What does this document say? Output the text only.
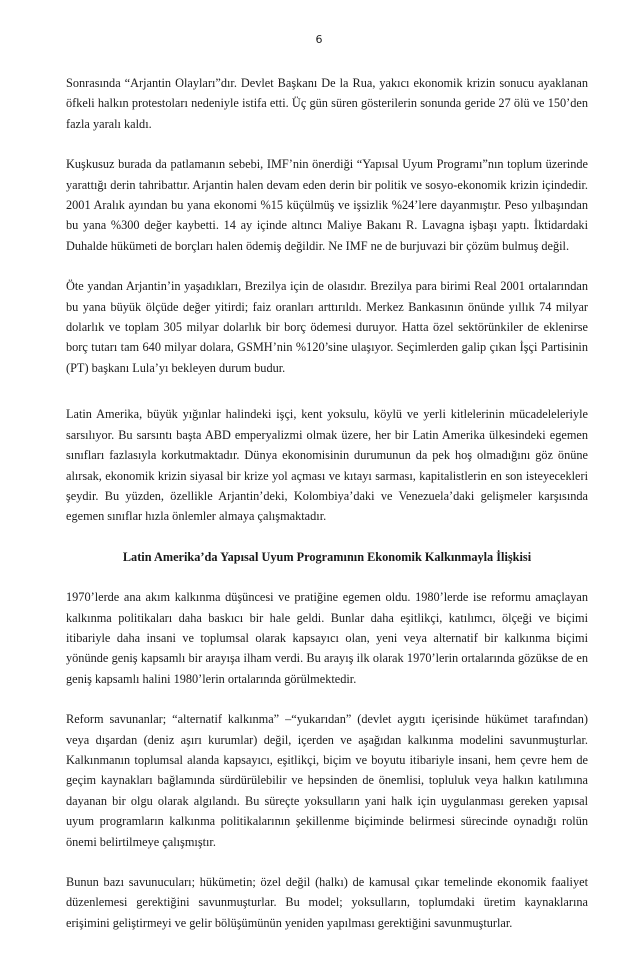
6

Sonrasında “Arjantin Olayları”dır. Devlet Başkanı De la Rua, yakıcı ekonomik krizin sonucu ayaklanan öfkeli halkın protestoları nedeniyle istifa etti. Üç gün süren gösterilerin sonunda geride 27 ölü ve 150’den fazla yaralı kaldı.

Kuşkusuz burada da patlamanın sebebi, IMF’nin önerdiği “Yapısal Uyum Programı”nın toplum üzerinde yarattığı derin tahribattır. Arjantin halen devam eden derin bir politik ve sosyo-ekonomik krizin içindedir. 2001 Aralık ayından bu yana ekonomi %15 küçülmüş ve işsizlik %24’lere dayanmıştır. Peso yılbaşından bu yana %300 değer kaybetti. 14 ay içinde altıncı Maliye Bakanı R. Lavagna işbaşı yaptı. İktidardaki Duhalde hükümeti de borçları halen ödemiş değildir. Ne IMF ne de burjuvazi bir çözüm bulmuş değil.

Öte yandan Arjantin’in yaşadıkları, Brezilya için de olasıdır. Brezilya para birimi Real 2001 ortalarından bu yana büyük ölçüde değer yitirdi; faiz oranları arttırıldı. Merkez Bankasının önünde yıllık 74 milyar dolarlık ve toplam 305 milyar dolarlık bir borç ödemesi duruyor. Hatta özel sektörünkiler de eklenirse borç tutarı tam 640 milyar dolara, GSMH’nin %120’sine ulaşıyor. Seçimlerden galip çıkan İşçi Partisinin (PT) başkanı Lula’yı bekleyen durum budur.

Latin Amerika, büyük yığınlar halindeki işçi, kent yoksulu, köylü ve yerli kitlelerinin mücadeleleriyle sarsılıyor. Bu sarsıntı başta ABD emperyalizmi olmak üzere, her bir Latin Amerika ülkesindeki egemen sınıfları fazlasıyla korkutmaktadır. Dünya ekonomisinin durumunun da pek hoş olmadığını göz önüne alırsak, ekonomik krizin siyasal bir krize yol açması ve kıtayı sarması, kapitalistlerin en son isteyecekleri şeydir. Bu yüzden, özellikle Arjantin’deki, Kolombiya’daki ve Venezuela’daki gelişmeler karşısında egemen sınıflar hızla önlemler almaya çalışmaktadır.

Latin Amerika’da Yapısal Uyum Programının Ekonomik Kalkınmayla İlişkisi

1970’lerde ana akım kalkınma düşüncesi ve pratiğine egemen oldu. 1980’lerde ise reformu amaçlayan kalkınma politikaları daha baskıcı bir hale geldi. Bunlar daha eşitlikçi, katılımcı, ölçeği ve biçimi itibariyle daha insani ve toplumsal olarak kapsayıcı olan, yeni veya alternatif bir kalkınma biçimi yönünde geniş kapsamlı bir arayışa ilham verdi. Bu arayış ilk olarak 1970’lerin ortalarında gözükse de en geniş kapsamlı halini 1980’lerin ortalarında görülmektedir.

Reform savunanlar; “alternatif kalkınma” –“yukarıdan” (devlet aygıtı içerisinde hükümet tarafından) veya dışardan (deniz aşırı kurumlar) değil, içerden ve aşağıdan kalkınma modelini savunmuşturlar. Kalkınmanın toplumsal alanda kapsayıcı, eşitlikçi, biçim ve boyutu itibariyle insani, hem çevre hem de geçim kaynakları bağlamında sürdürülebilir ve hepsinden de önemlisi, topluluk veya halkın katılımına dayanan bir olgu olarak algılandı. Bu süreçte yoksulların yani halk için uygulanması gereken yapısal uyum programların kalkınma politikalarının şekillenme biçiminde belirmesi sürecinde oynadığı rolün önemi belirtilmeye çalışmıştır.

Bunun bazı savunucuları; hükümetin; özel değil (halkı) de kamusal çıkar temelinde ekonomik faaliyet düzenlemesi gerektiğini savunmuşturlar. Bu model; yoksulların, toplumdaki üretim kaynaklarına erişimini geliştirmeyi ve gelir bölüşümünün yeniden yapılması gerektiğini savunmuşturlar.
